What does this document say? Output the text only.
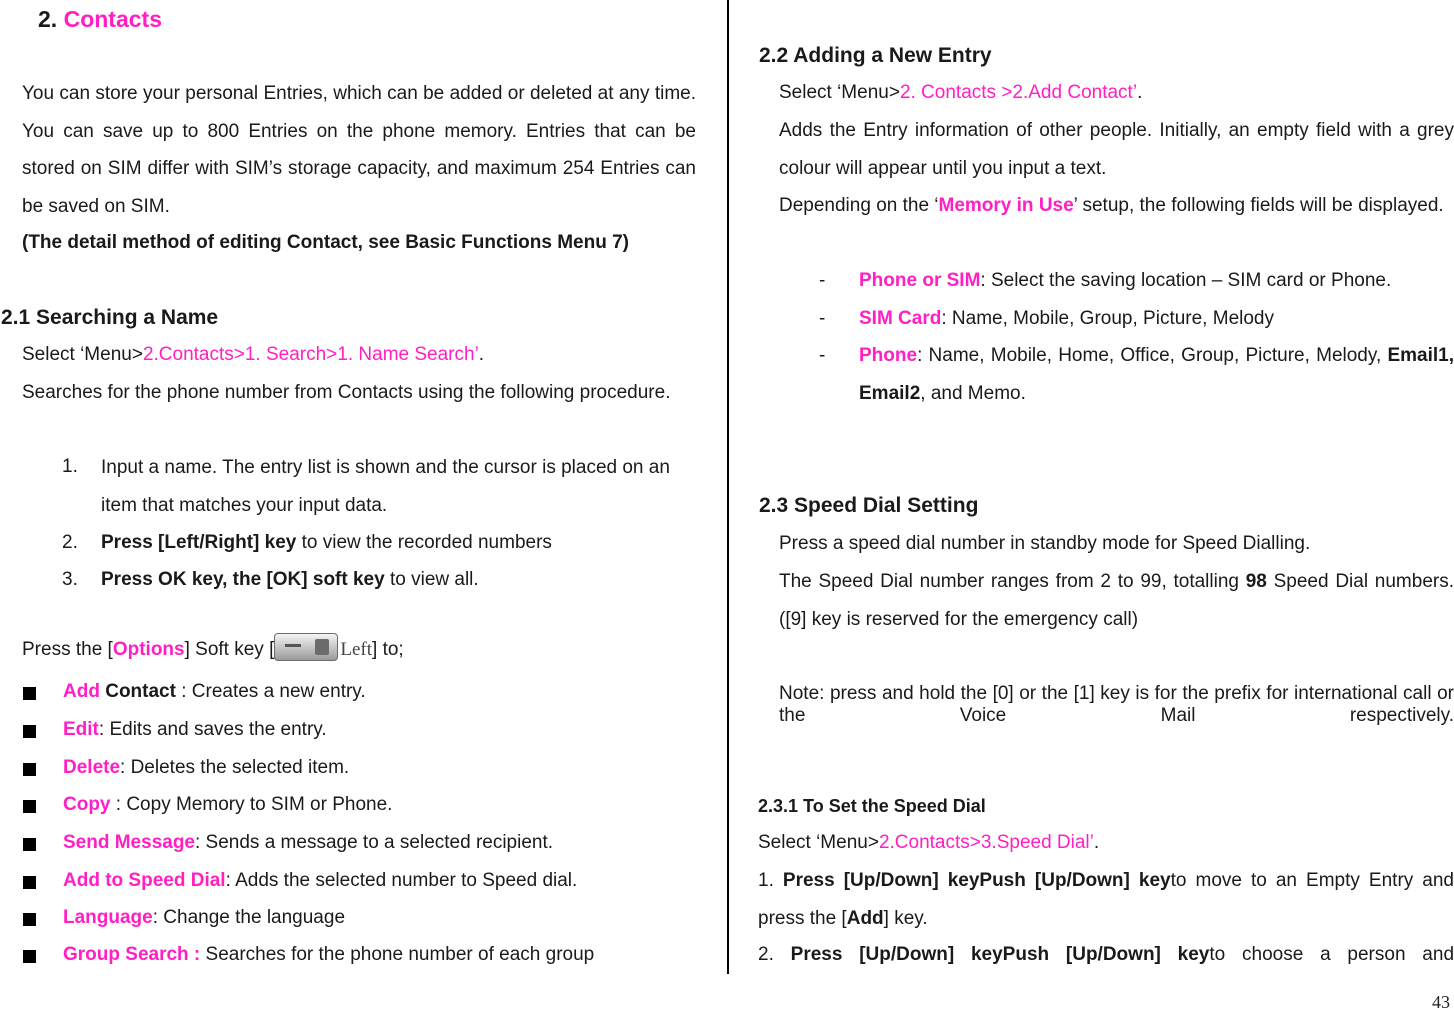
2. Contacts
You can store your personal Entries, which can be added or deleted at any time. You can save up to 800 Entries on the phone memory. Entries that can be stored on SIM differ with SIM’s storage capacity, and maximum 254 Entries can be saved on SIM.
(The detail method of editing Contact, see Basic Functions Menu 7)
2.1 Searching a Name
Select ‘Menu>2.Contacts>1. Search>1. Name Search’.
Searches for the phone number from Contacts using the following procedure.
1. Input a name. The entry list is shown and the cursor is placed on an item that matches your input data.
2. Press [Left/Right] key to view the recorded numbers
3. Press OK key, the [OK] soft key to view all.
Press the [Options] Soft key [	Left] to;
Add Contact : Creates a new entry.
Edit: Edits and saves the entry.
Delete: Deletes the selected item.
Copy : Copy Memory to SIM or Phone.
Send Message: Sends a message to a selected recipient.
Add to Speed Dial: Adds the selected number to Speed dial.
Language: Change the language
Group Search : Searches for the phone number of each group
2.2 Adding a New Entry
Select ‘Menu>2. Contacts >2.Add Contact’.
Adds the Entry information of other people. Initially, an empty field with a grey colour will appear until you input a text.
Depending on the ‘Memory in Use’ setup, the following fields will be displayed.
- Phone or SIM: Select the saving location – SIM card or Phone.
- SIM Card: Name, Mobile, Group, Picture, Melody
- Phone: Name, Mobile, Home, Office, Group, Picture, Melody, Email1, Email2, and Memo.
2.3 Speed Dial Setting
Press a speed dial number in standby mode for Speed Dialling.
The Speed Dial number ranges from 2 to 99, totalling 98 Speed Dial numbers. ([9] key is reserved for the emergency call)
Note: press and hold the [0] or the [1] key is for the prefix for international call or the Voice Mail respectively.
2.3.1 To Set the Speed Dial
Select ‘Menu>2.Contacts>3.Speed Dial’.
1. Press [Up/Down] keyPush [Up/Down] keyto move to an Empty Entry and press the [Add] key.
2. Press [Up/Down] keyPush [Up/Down] keyto choose a person and
43
